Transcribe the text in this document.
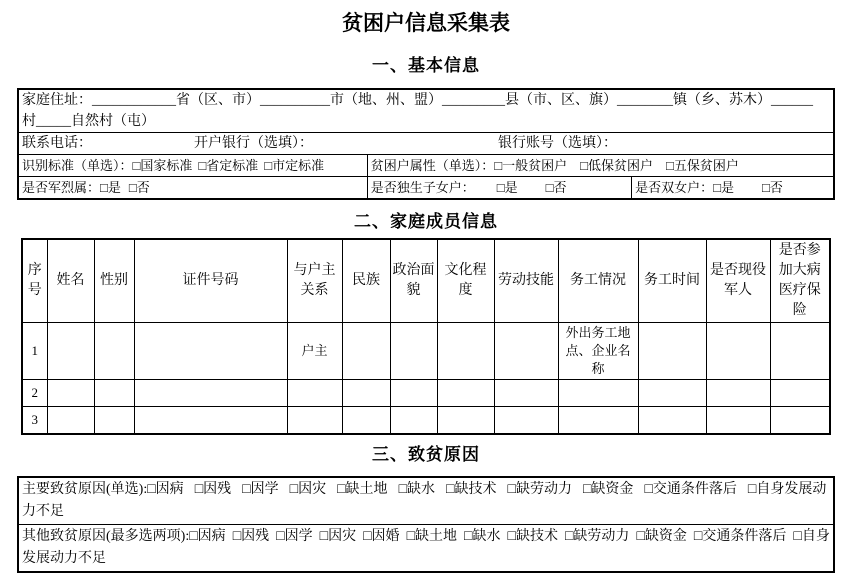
贫困户信息采集表
一、基本信息
家庭住址：____________省（区、市）__________市（地、州、盟）_________县（市、区、旗）________镇（乡、苏木）______
村_____自然村（屯）		

联系电话： 开户银行（选填）： 银行账号（选填）：		
识别标准（单选）：□国家标准 □省定标准 □市定标准	贫困户属性（单选）：□一般贫困户 □低保贫困户 □五保贫困户	
是否军烈属：□是 □否	是否独生子女户： □是 □否	是否双女户：□是 □否
二、家庭成员信息
序号	姓名	性别	证件号码	与户主关系	民族	政治面貌	文化程度	劳动技能	务工情况	务工时间	是否现役军人	是否参加大病医疗保险
1				户主					外出务工地点、企业名称			
2												
3												
三、致贫原因
主要致贫原因(单选):□因病 □因残 □因学 □因灾 □缺土地 □缺水 □缺技术 □缺劳动力 □缺资金 □交通条件落后 □自身发展动力不足
其他致贫原因(最多选两项):□因病 □因残 □因学 □因灾 □因婚 □缺土地 □缺水 □缺技术 □缺劳动力 □缺资金 □交通条件落后 □自身发展动力不足
